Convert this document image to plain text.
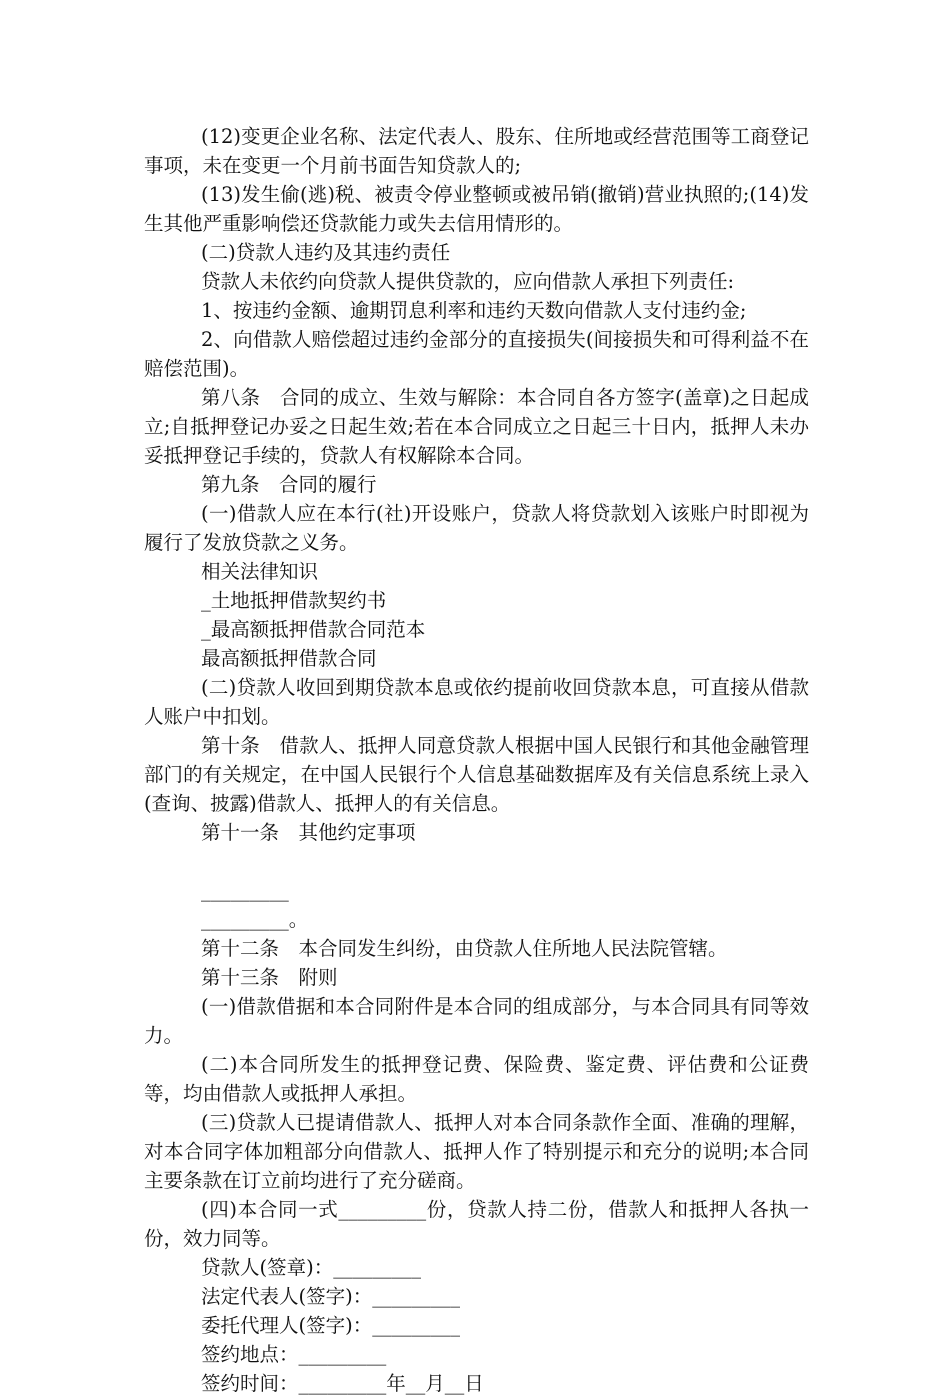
(12)变更企业名称、法定代表人、股东、住所地或经营范围等工商登记事项，未在变更一个月前书面告知贷款人的;

(13)发生偷(逃)税、被责令停业整顿或被吊销(撤销)营业执照的;(14)发生其他严重影响偿还贷款能力或失去信用情形的。

(二)贷款人违约及其违约责任

贷款人未依约向贷款人提供贷款的，应向借款人承担下列责任:

1、按违约金额、逾期罚息利率和违约天数向借款人支付违约金;

2、向借款人赔偿超过违约金部分的直接损失(间接损失和可得利益不在赔偿范围)。

第八条　合同的成立、生效与解除：本合同自各方签字(盖章)之日起成立;自抵押登记办妥之日起生效;若在本合同成立之日起三十日内，抵押人未办妥抵押登记手续的，贷款人有权解除本合同。

第九条　合同的履行

(一)借款人应在本行(社)开设账户，贷款人将贷款划入该账户时即视为履行了发放贷款之义务。

相关法律知识

_土地抵押借款契约书

_最高额抵押借款合同范本

最高额抵押借款合同

(二)贷款人收回到期贷款本息或依约提前收回贷款本息，可直接从借款人账户中扣划。

第十条　借款人、抵押人同意贷款人根据中国人民银行和其他金融管理部门的有关规定，在中国人民银行个人信息基础数据库及有关信息系统上录入(查询、披露)借款人、抵押人的有关信息。

第十一条　其他约定事项

_________

_________。

第十二条　本合同发生纠纷，由贷款人住所地人民法院管辖。

第十三条　附则

(一)借款借据和本合同附件是本合同的组成部分，与本合同具有同等效力。

(二)本合同所发生的抵押登记费、保险费、鉴定费、评估费和公证费等，均由借款人或抵押人承担。

(三)贷款人已提请借款人、抵押人对本合同条款作全面、准确的理解，对本合同字体加粗部分向借款人、抵押人作了特别提示和充分的说明;本合同主要条款在订立前均进行了充分磋商。

(四)本合同一式_________份，贷款人持二份，借款人和抵押人各执一份，效力同等。

贷款人(签章)：_________

法定代表人(签字)：_________

委托代理人(签字)：_________

签约地点：_________

签约时间：_________年__月__日
